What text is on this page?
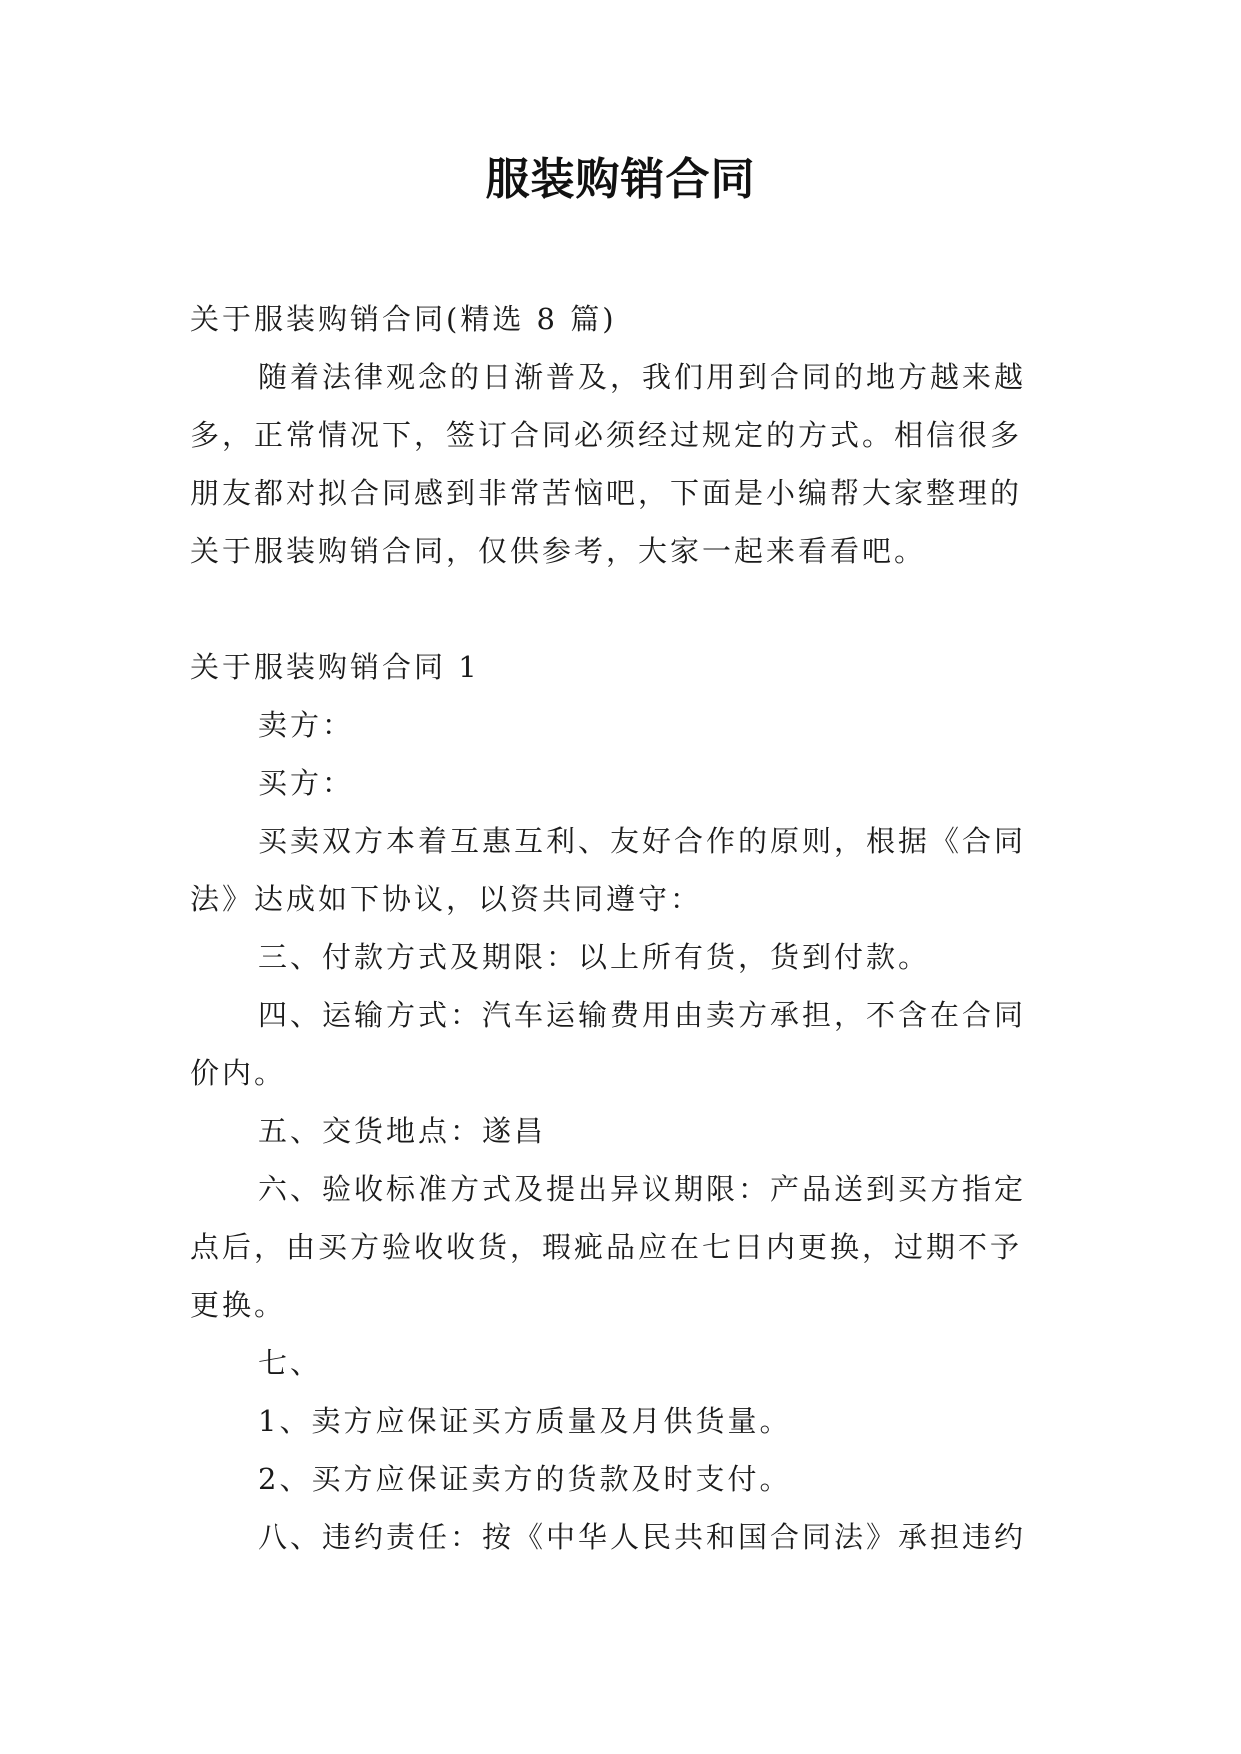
服装购销合同
关于服装购销合同(精选 8 篇)
随着法律观念的日渐普及，我们用到合同的地方越来越
多，正常情况下，签订合同必须经过规定的方式。相信很多
朋友都对拟合同感到非常苦恼吧，下面是小编帮大家整理的
关于服装购销合同，仅供参考，大家一起来看看吧。
关于服装购销合同 1
卖方：
买方：
买卖双方本着互惠互利、友好合作的原则，根据《合同
法》达成如下协议，以资共同遵守：
三、付款方式及期限：以上所有货，货到付款。
四、运输方式：汽车运输费用由卖方承担，不含在合同
价内。
五、交货地点：遂昌
六、验收标准方式及提出异议期限：产品送到买方指定
点后，由买方验收收货，瑕疵品应在七日内更换，过期不予
更换。
七、
1、卖方应保证买方质量及月供货量。
2、买方应保证卖方的货款及时支付。
八、违约责任：按《中华人民共和国合同法》承担违约
